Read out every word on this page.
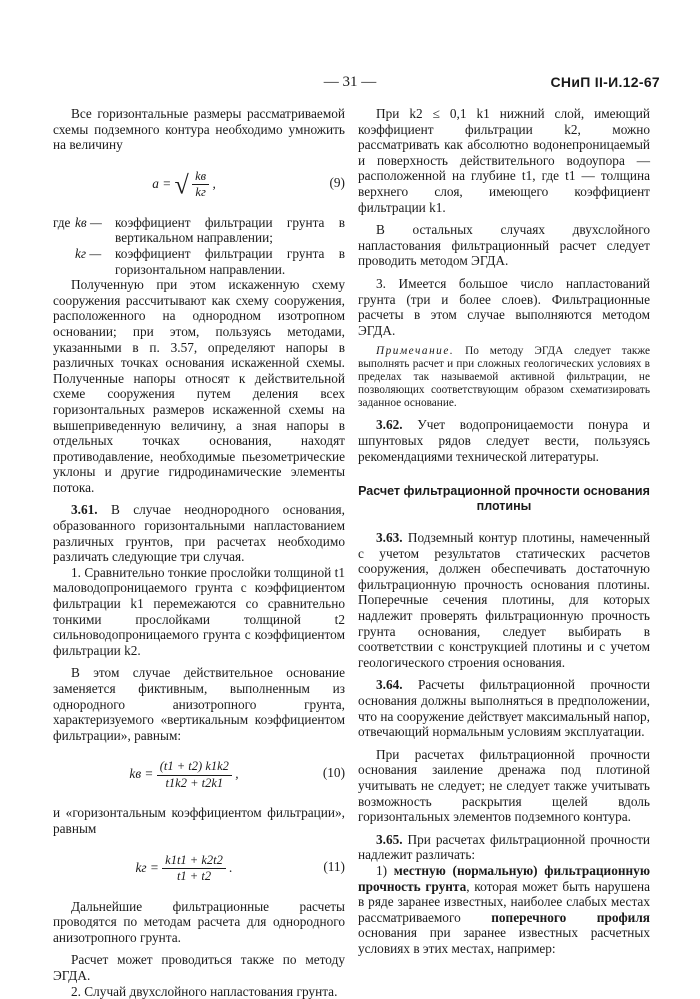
— 31 —	СНиП II-И.12-67

Все горизонтальные размеры рассматриваемой схемы подземного контура необходимо умножить на величину

a = √ $\frac{kв}{kг}$ ,	(9)

где kв — коэффициент фильтрации грунта в вертикальном направлении;

kг — коэффициент фильтрации грунта в горизонтальном направлении.

Полученную при этом искаженную схему сооружения рассчитывают как схему сооружения, расположенного на однородном изотропном основании; при этом, пользуясь методами, указанными в п. 3.57, определяют напоры в различных точках основания искаженной схемы. Полученные напоры относят к действительной схеме сооружения путем деления всех горизонтальных размеров искаженной схемы на вышеприведенную величину, а зная напоры в отдельных точках основания, находят противодавление, необходимые пьезометрические уклоны и другие гидродинамические элементы потока.

3.61. В случае неоднородного основания, образованного горизонтальными напластованием различных грунтов, при расчетах необходимо различать следующие три случая.

1. Сравнительно тонкие прослойки толщиной t1 маловодопроницаемого грунта с коэффициентом фильтрации k1 перемежаются со сравнительно тонкими прослойками толщиной t2 сильноводопроницаемого грунта с коэффициентом фильтрации k2.

В этом случае действительное основание заменяется фиктивным, выполненным из однородного анизотропного грунта, характеризуемого «вертикальным коэффициентом фильтрации», равным:

kв = $\frac{(t1 + t2) k1k2}{t1k2 + t2k1}$ ,	(10)

и «горизонтальным коэффициентом фильтрации», равным

kг = $\frac{k1t1 + k2t2}{t1 + t2}$ .	(11)

Дальнейшие фильтрационные расчеты проводятся по методам расчета для однородного анизотропного грунта.

Расчет может проводиться также по методу ЭГДА.

2. Случай двухслойного напластования грунта.

При k2 ≤ 0,1 k1 нижний слой, имеющий коэффициент фильтрации k2, можно рассматривать как абсолютно водонепроницаемый и поверхность действительного водоупора — расположенной на глубине t1, где t1 — толщина верхнего слоя, имеющего коэффициент фильтрации k1.

В остальных случаях двухслойного напластования фильтрационный расчет следует проводить методом ЭГДА.

3. Имеется большое число напластований грунта (три и более слоев). Фильтрационные расчеты в этом случае выполняются методом ЭГДА.

Примечание. По методу ЭГДА следует также выполнять расчет и при сложных геологических условиях в пределах так называемой активной фильтрации, не позволяющих соответствующим образом схематизировать заданное основание.

3.62. Учет водопроницаемости понура и шпунтовых рядов следует вести, пользуясь рекомендациями технической литературы.

Расчет фильтрационной прочности основания плотины

3.63. Подземный контур плотины, намеченный с учетом результатов статических расчетов сооружения, должен обеспечивать достаточную фильтрационную прочность основания плотины. Поперечные сечения плотины, для которых надлежит проверять фильтрационную прочность грунта основания, следует выбирать в соответствии с конструкцией плотины и с учетом геологического строения основания.

3.64. Расчеты фильтрационной прочности основания должны выполняться в предположении, что на сооружение действует максимальный напор, отвечающий нормальным условиям эксплуатации.

При расчетах фильтрационной прочности основания заиление дренажа под плотиной учитывать не следует; не следует также учитывать возможность раскрытия щелей вдоль горизонтальных элементов подземного контура.

3.65. При расчетах фильтрационной прочности надлежит различать:

1) местную (нормальную) фильтрационную прочность грунта, которая может быть нарушена в ряде заранее известных, наиболее слабых местах рассматриваемого поперечного профиля основания при заранее известных расчетных условиях в этих местах, например:
